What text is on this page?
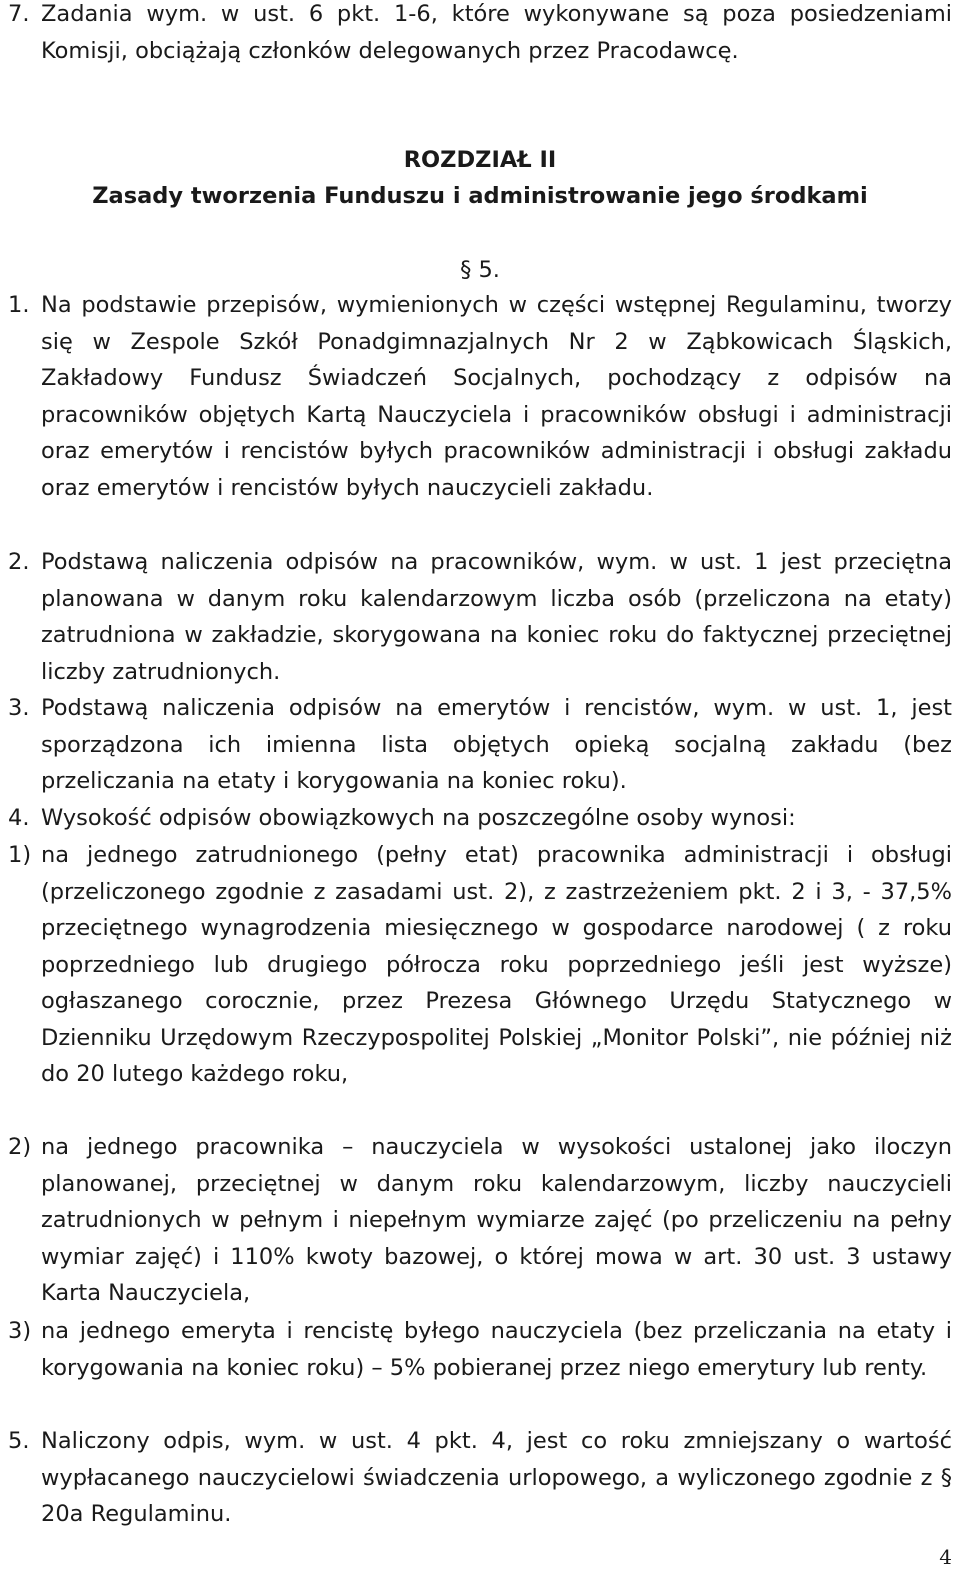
7. Zadania wym. w ust. 6 pkt. 1-6, które wykonywane są poza posiedzeniami Komisji, obciążają członków delegowanych przez Pracodawcę.
ROZDZIAŁ II
Zasady tworzenia Funduszu i administrowanie jego środkami
§ 5.
1. Na podstawie przepisów, wymienionych w części wstępnej Regulaminu, tworzy się w Zespole Szkół Ponadgimnazjalnych Nr 2 w Ząbkowicach Śląskich, Zakładowy Fundusz Świadczeń Socjalnych, pochodzący z odpisów na pracowników objętych Kartą Nauczyciela i pracowników obsługi i administracji oraz emerytów i rencistów byłych pracowników administracji i obsługi zakładu oraz emerytów i rencistów byłych nauczycieli zakładu.
2. Podstawą naliczenia odpisów na pracowników, wym. w ust. 1 jest przeciętna planowana w danym roku kalendarzowym liczba osób (przeliczona na etaty) zatrudniona w zakładzie, skorygowana na koniec roku do faktycznej przeciętnej liczby zatrudnionych.
3. Podstawą naliczenia odpisów na emerytów i rencistów, wym. w ust. 1, jest sporządzona ich imienna lista objętych opieką socjalną zakładu (bez przeliczania na etaty i korygowania na koniec roku).
4. Wysokość odpisów obowiązkowych na poszczególne osoby wynosi:
1) na jednego zatrudnionego (pełny etat) pracownika administracji i obsługi (przeliczonego zgodnie z zasadami ust. 2), z zastrzeżeniem pkt. 2 i 3, - 37,5% przeciętnego wynagrodzenia miesięcznego w gospodarce narodowej ( z roku poprzedniego lub drugiego półrocza roku poprzedniego jeśli jest wyższe) ogłaszanego corocznie, przez Prezesa Głównego Urzędu Statycznego w Dzienniku Urzędowym Rzeczypospolitej Polskiej „Monitor Polski”, nie później niż do 20 lutego każdego roku,
2) na jednego pracownika – nauczyciela w wysokości ustalonej jako iloczyn planowanej, przeciętnej w danym roku kalendarzowym, liczby nauczycieli zatrudnionych w pełnym i niepełnym wymiarze zajęć (po przeliczeniu na pełny wymiar zajęć) i 110% kwoty bazowej, o której mowa w art. 30 ust. 3 ustawy Karta Nauczyciela,
3) na jednego emeryta i rencistę byłego nauczyciela (bez przeliczania na etaty i korygowania na koniec roku) – 5% pobieranej przez niego emerytury lub renty.
5. Naliczony odpis, wym. w ust. 4 pkt. 4, jest co roku zmniejszany o wartość wypłacanego nauczycielowi świadczenia urlopowego, a wyliczonego zgodnie z § 20a Regulaminu.
4
